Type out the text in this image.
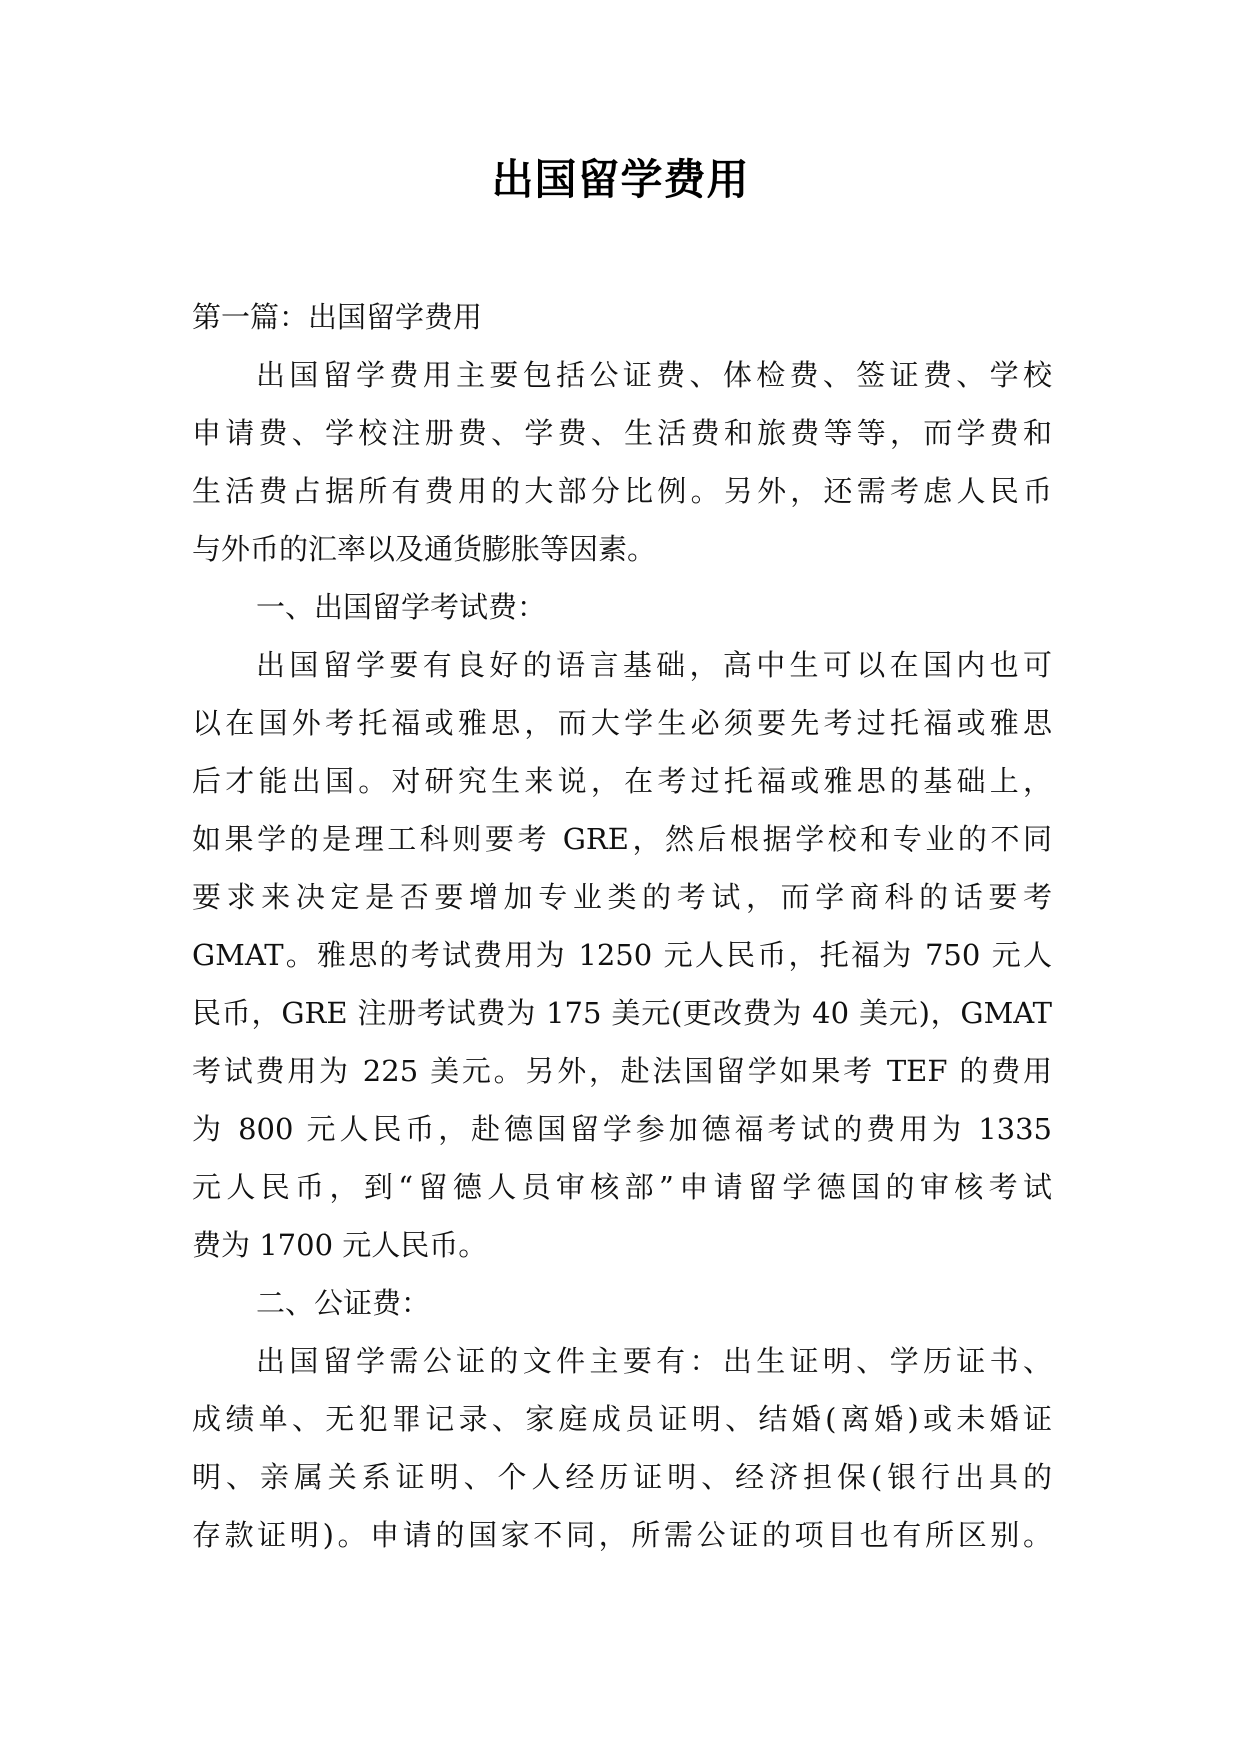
出国留学费用
第一篇：出国留学费用
出国留学费用主要包括公证费、体检费、签证费、学校
申请费、学校注册费、学费、生活费和旅费等等，而学费和
生活费占据所有费用的大部分比例。另外，还需考虑人民币
与外币的汇率以及通货膨胀等因素。
一、出国留学考试费：
出国留学要有良好的语言基础，高中生可以在国内也可
以在国外考托福或雅思，而大学生必须要先考过托福或雅思
后才能出国。对研究生来说，在考过托福或雅思的基础上，
如果学的是理工科则要考 GRE，然后根据学校和专业的不同
要求来决定是否要增加专业类的考试，而学商科的话要考
GMAT。雅思的考试费用为 1250 元人民币，托福为 750 元人
民币，GRE 注册考试费为 175 美元(更改费为 40 美元)，GMAT
考试费用为 225 美元。另外，赴法国留学如果考 TEF 的费用
为 800 元人民币，赴德国留学参加德福考试的费用为 1335
元人民币，到“留德人员审核部”申请留学德国的审核考试
费为 1700 元人民币。
二、公证费：
出国留学需公证的文件主要有：出生证明、学历证书、
成绩单、无犯罪记录、家庭成员证明、结婚(离婚)或未婚证
明、亲属关系证明、个人经历证明、经济担保(银行出具的
存款证明)。申请的国家不同，所需公证的项目也有所区别。
